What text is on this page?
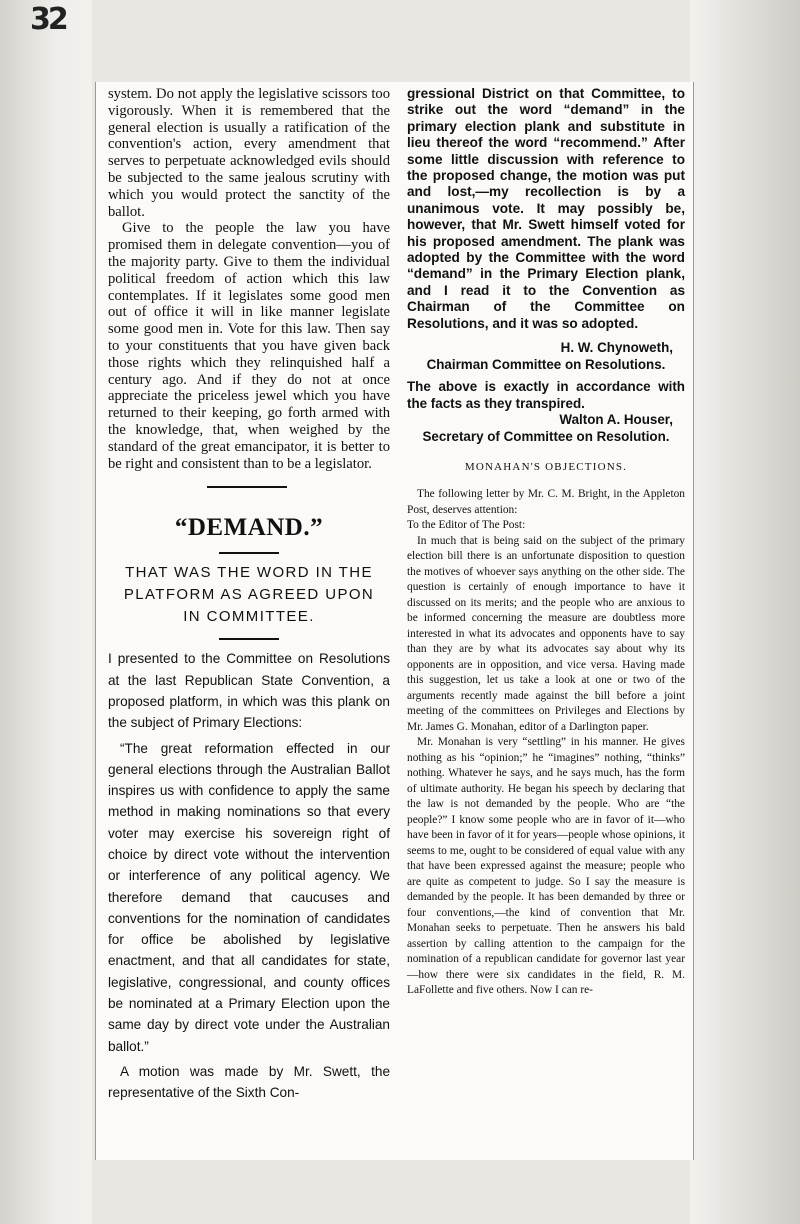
32

system. Do not apply the legislative scissors too vigorously. When it is remembered that the general election is usually a ratification of the convention's action, every amendment that serves to perpetuate acknowledged evils should be subjected to the same jealous scrutiny with which you would protect the sanctity of the ballot.

Give to the people the law you have promised them in delegate convention—you of the majority party. Give to them the individual political freedom of action which this law contemplates. If it legislates some good men out of office it will in like manner legislate some good men in. Vote for this law. Then say to your constituents that you have given back those rights which they relinquished half a century ago. And if they do not at once appreciate the priceless jewel which you have returned to their keeping, go forth armed with the knowledge, that, when weighed by the standard of the great emancipator, it is better to be right and consistent than to be a legislator.

“DEMAND.”
THAT WAS THE WORD IN THE
PLATFORM AS AGREED UPON
IN COMMITTEE.

I presented to the Committee on Resolutions at the last Republican State Convention, a proposed platform, in which was this plank on the subject of Primary Elections:

“The great reformation effected in our general elections through the Australian Ballot inspires us with confidence to apply the same method in making nominations so that every voter may exercise his sovereign right of choice by direct vote without the intervention or interference of any political agency. We therefore demand that caucuses and conventions for the nomination of candidates for office be abolished by legislative enactment, and that all candidates for state, legislative, congressional, and county offices be nominated at a Primary Election upon the same day by direct vote under the Australian ballot.”

A motion was made by Mr. Swett, the representative of the Sixth Con-

gressional District on that Committee, to strike out the word “demand” in the primary election plank and substitute in lieu thereof the word “recommend.” After some little discussion with reference to the proposed change, the motion was put and lost,—my recollection is by a unanimous vote. It may possibly be, however, that Mr. Swett himself voted for his proposed amendment. The plank was adopted by the Committee with the word “demand” in the Primary Election plank, and I read it to the Convention as Chairman of the Committee on Resolutions, and it was so adopted.

H. W. Chynoweth,
Chairman Committee on Resolutions.

The above is exactly in accordance with the facts as they transpired.

Walton A. Houser,
Secretary of Committee on Resolution.
MONAHAN'S OBJECTIONS.

The following letter by Mr. C. M. Bright, in the Appleton Post, deserves attention:

To the Editor of The Post:

In much that is being said on the subject of the primary election bill there is an unfortunate disposition to question the motives of whoever says anything on the other side. The question is certainly of enough importance to have it discussed on its merits; and the people who are anxious to be informed concerning the measure are doubtless more interested in what its advocates and opponents have to say than they are by what its advocates say about why its opponents are in opposition, and vice versa. Having made this suggestion, let us take a look at one or two of the arguments recently made against the bill before a joint meeting of the committees on Privileges and Elections by Mr. James G. Monahan, editor of a Darlington paper.

Mr. Monahan is very “settling” in his manner. He gives nothing as his “opinion;” he “imagines” nothing, “thinks” nothing. Whatever he says, and he says much, has the form of ultimate authority. He began his speech by declaring that the law is not demanded by the people. Who are “the people?” I know some people who are in favor of it—who have been in favor of it for years—people whose opinions, it seems to me, ought to be considered of equal value with any that have been expressed against the measure; people who are quite as competent to judge. So I say the measure is demanded by the people. It has been demanded by three or four conventions,—the kind of convention that Mr. Monahan seeks to perpetuate. Then he answers his bald assertion by calling attention to the campaign for the nomination of a republican candidate for governor last year—how there were six candidates in the field, R. M. LaFollette and five others. Now I can re-
